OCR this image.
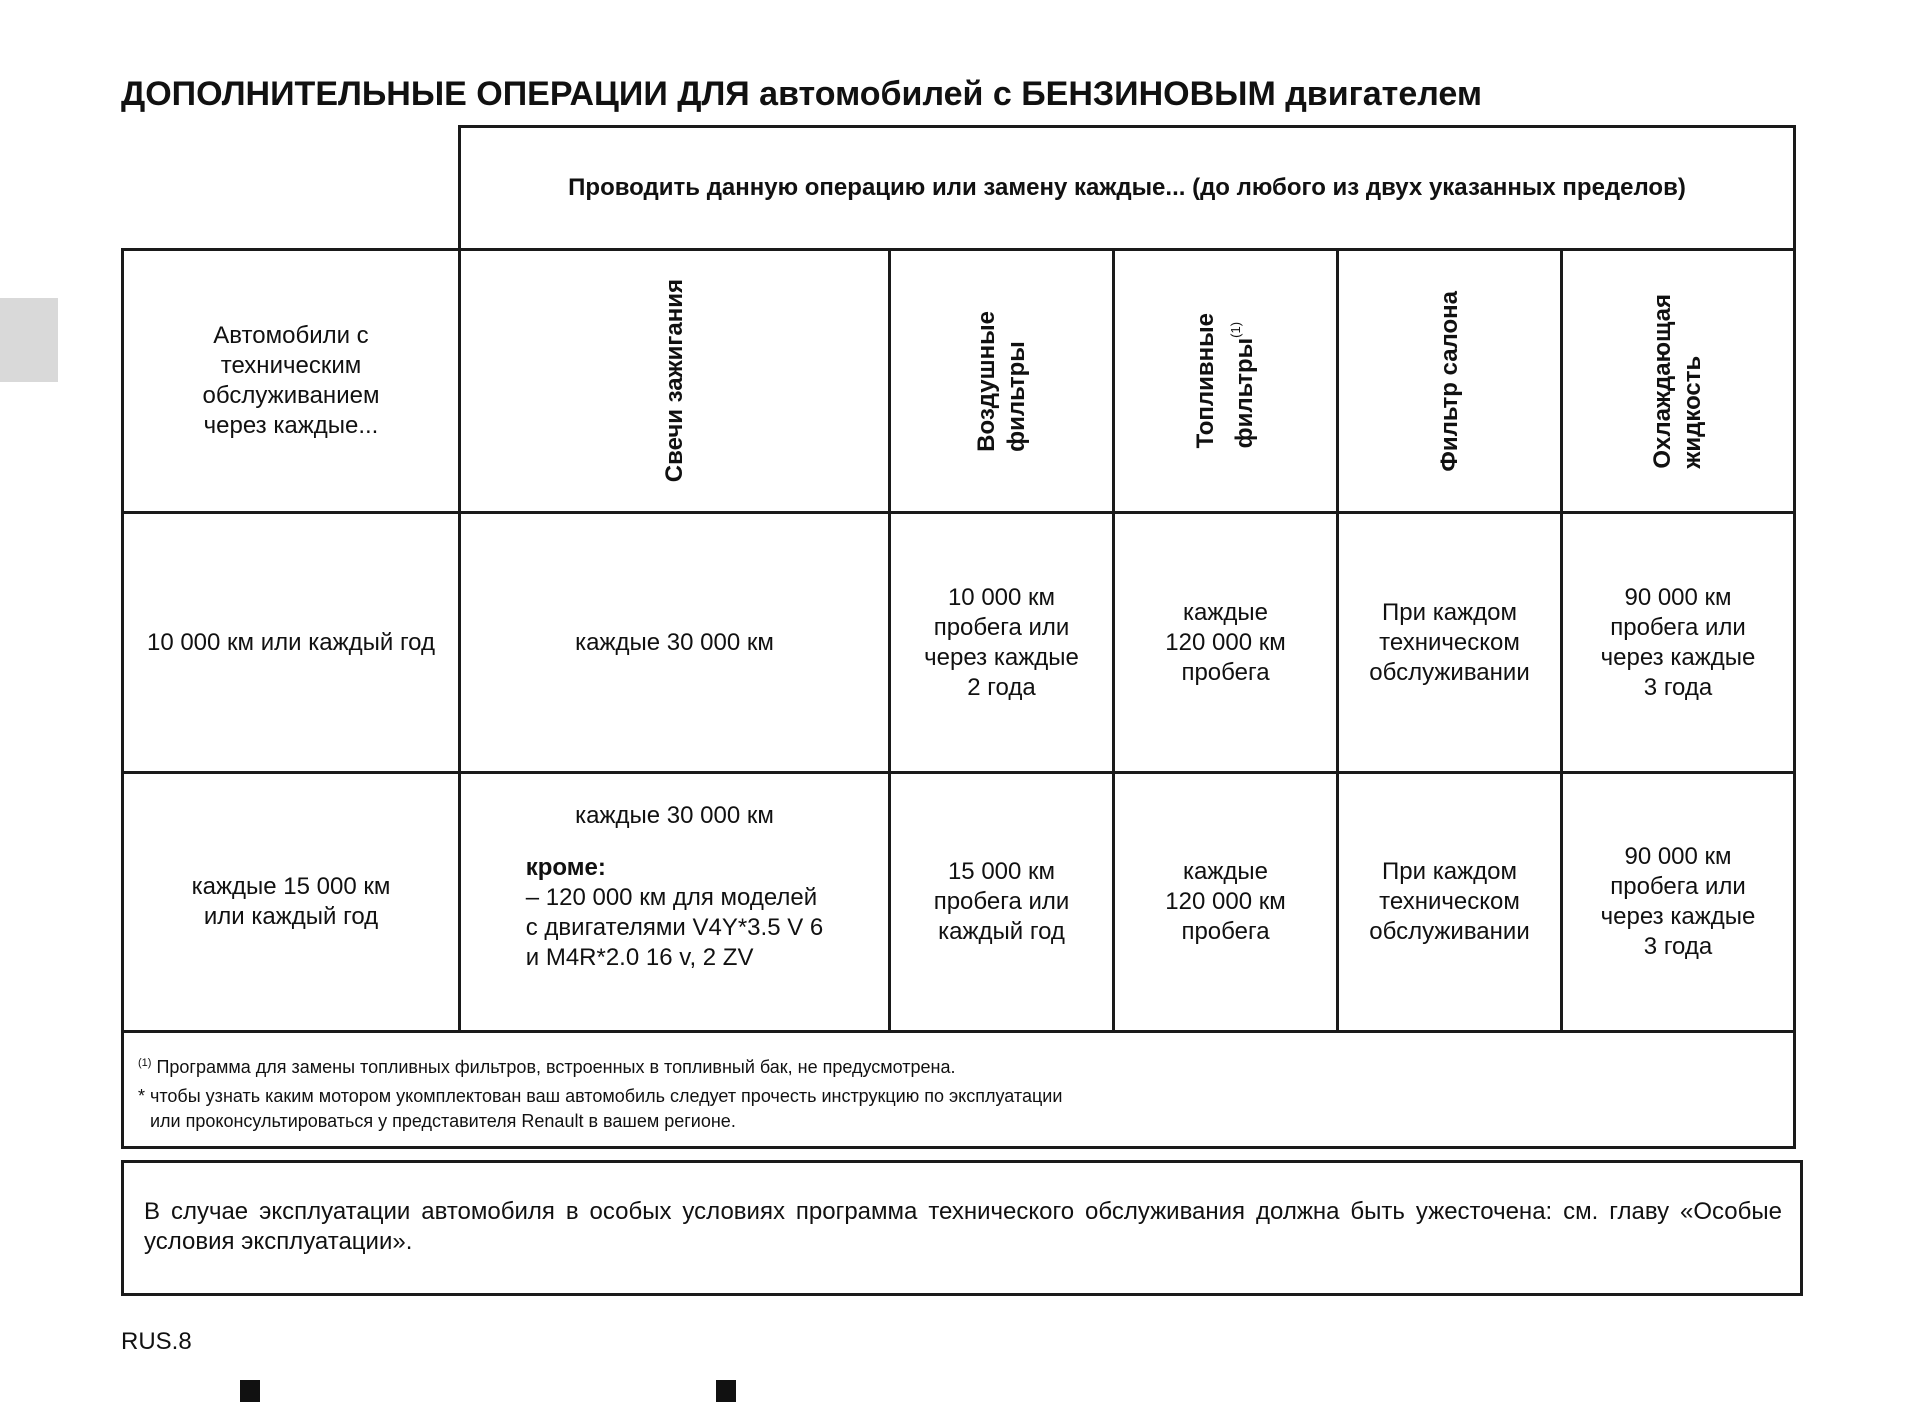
ДОПОЛНИТЕЛЬНЫЕ ОПЕРАЦИИ ДЛЯ автомобилей с БЕНЗИНОВЫМ двигателем
	Проводить данную операцию или замену каждые... (до любого из двух указанных пределов)				
Автомобили с
техническим
обслуживанием
через каждые...	Свечи зажигания	Воздушные
фильтры	Топливные
фильтры$^{(1)}$	Фильтр салона	Охлаждающая
жидкость
10 000 км или каждый год	каждые 30 000 км	10 000 км
пробега или
через каждые
2 года	каждые
120 000 км
пробега	При каждом
техническом
обслуживании	90 000 км
пробега или
через каждые
3 года
каждые 15 000 км
или каждый год	каждые 30 000 км
кроме:
– 120 000 км для моделей
с двигателями V4Y*3.5 V 6
и M4R*2.0 16 v, 2 ZV	15 000 км
пробега или
каждый год	каждые
120 000 км
пробега	При каждом
техническом
обслуживании	90 000 км
пробега или
через каждые
3 года

$^{(1)}$ Программа для замены топливных фильтров, встроенных в топливный бак, не предусмотрена.

* чтобы узнать каким мотором укомплектован ваш автомобиль следует прочесть инструкцию по эксплуатации

или проконсультироваться у представителя Renault в вашем регионе.					

В случае эксплуатации автомобиля в особых условиях программа технического обслуживания должна быть ужесточена: см. главу «Особые условия эксплуатации».
RUS.8
